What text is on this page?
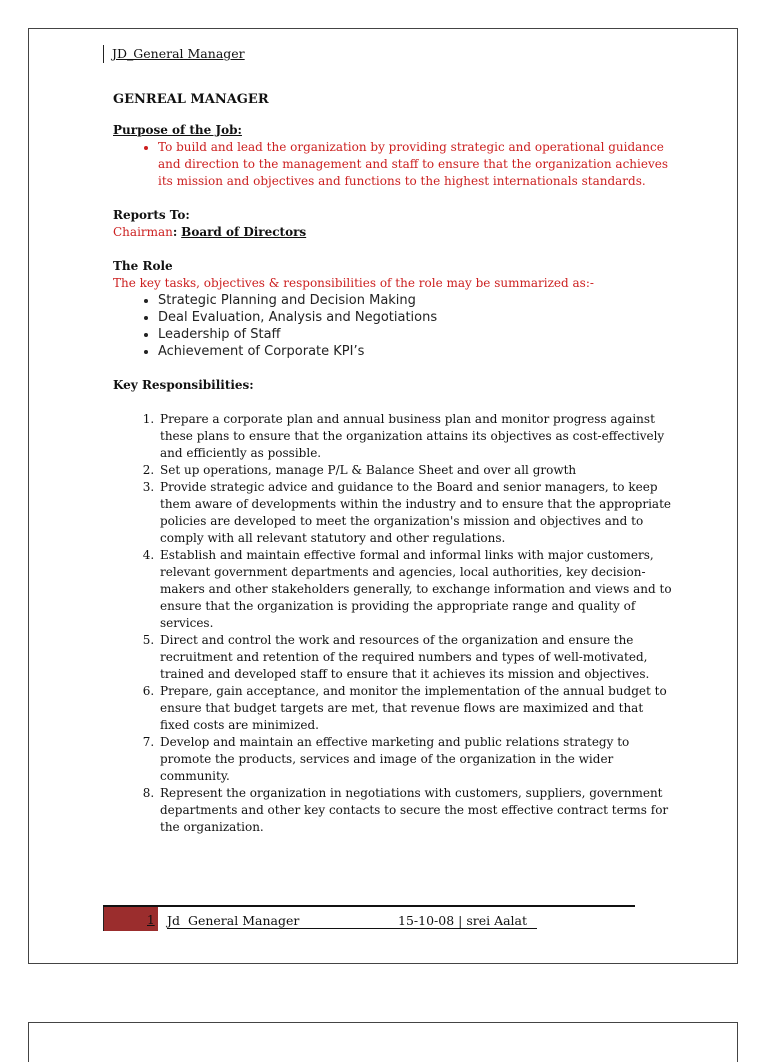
JD_General Manager

GENREAL MANAGER

Purpose of the Job:

• To build and lead the organization by providing strategic and operational guidance and direction to the management and staff to ensure that the organization achieves its mission and objectives and functions to the highest internationals standards.

Reports To:

Chairman: Board of Directors

The Role

The key tasks, objectives & responsibilities of the role may be summarized as:-

• Strategic Planning and Decision Making
• Deal Evaluation, Analysis and Negotiations
• Leadership of Staff
• Achievement of Corporate KPI’s

Key Responsibilities:

1. Prepare a corporate plan and annual business plan and monitor progress against these plans to ensure that the organization attains its objectives as cost-effectively and efficiently as possible.
2. Set up operations, manage P/L & Balance Sheet and over all growth
3. Provide strategic advice and guidance to the Board and senior managers, to keep them aware of developments within the industry and to ensure that the appropriate policies are developed to meet the organization's mission and objectives and to comply with all relevant statutory and other regulations.
4. Establish and maintain effective formal and informal links with major customers, relevant government departments and agencies, local authorities, key decision-makers and other stakeholders generally, to exchange information and views and to ensure that the organization is providing the appropriate range and quality of services.
5. Direct and control the work and resources of the organization and ensure the recruitment and retention of the required numbers and types of well-motivated, trained and developed staff to ensure that it achieves its mission and objectives.
6. Prepare, gain acceptance, and monitor the implementation of the annual budget to ensure that budget targets are met, that revenue flows are maximized and that fixed costs are minimized.
7. Develop and maintain an effective marketing and public relations strategy to promote the products, services and image of the organization in the wider community.
8. Represent the organization in negotiations with customers, suppliers, government departments and other key contacts to secure the most effective contract terms for the organization.
1 Jd  General Manager	15-10-08 | srei Aalat
